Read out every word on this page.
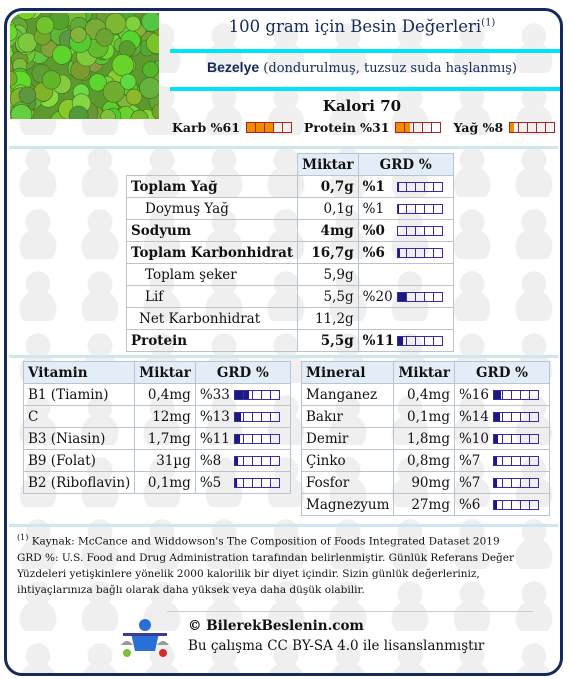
100 gram için Besin Değerleri$^{(1)}$
Bezelye (dondurulmuş, tuzsuz suda haşlanmış)
Kalori 70
Karb %61	Protein %31	Yağ %8
	Miktar	GRD %
Toplam Yağ	0,7g	%1

Doymuş Yağ	0,1g	%1

Sodyum	4mg	%0

Toplam Karbonhidrat	16,7g	%6

Toplam şeker	5,9g	
Lif	5,5g	%20

Net Karbonhidrat	11,2g	
Protein	5,5g	%11
Vitamin	Miktar	GRD %
B1 (Tiamin)	0,4mg	%33

C	12mg	%13

B3 (Niasin)	1,7mg	%11

B9 (Folat)	31µg	%8

B2 (Riboflavin)	0,1mg	%5
Mineral	Miktar	GRD %
Manganez	0,4mg	%16

Bakır	0,1mg	%14

Demir	1,8mg	%10

Çinko	0,8mg	%7

Fosfor	90mg	%7

Magnezyum	27mg	%6
$^{(1)}$ Kaynak: McCance and Widdowson's The Composition of Foods Integrated Dataset 2019
GRD %: U.S. Food and Drug Administration tarafından belirlenmiştir. Günlük Referans Değer Yüzdeleri yetişkinlere yönelik 2000 kalorilik bir diyet içindir. Sizin günlük değerleriniz, ihtiyaçlarınıza bağlı olarak daha yüksek veya daha düşük olabilir.
© BilerekBeslenin.com
Bu çalışma CC BY-SA 4.0 ile lisanslanmıştır
